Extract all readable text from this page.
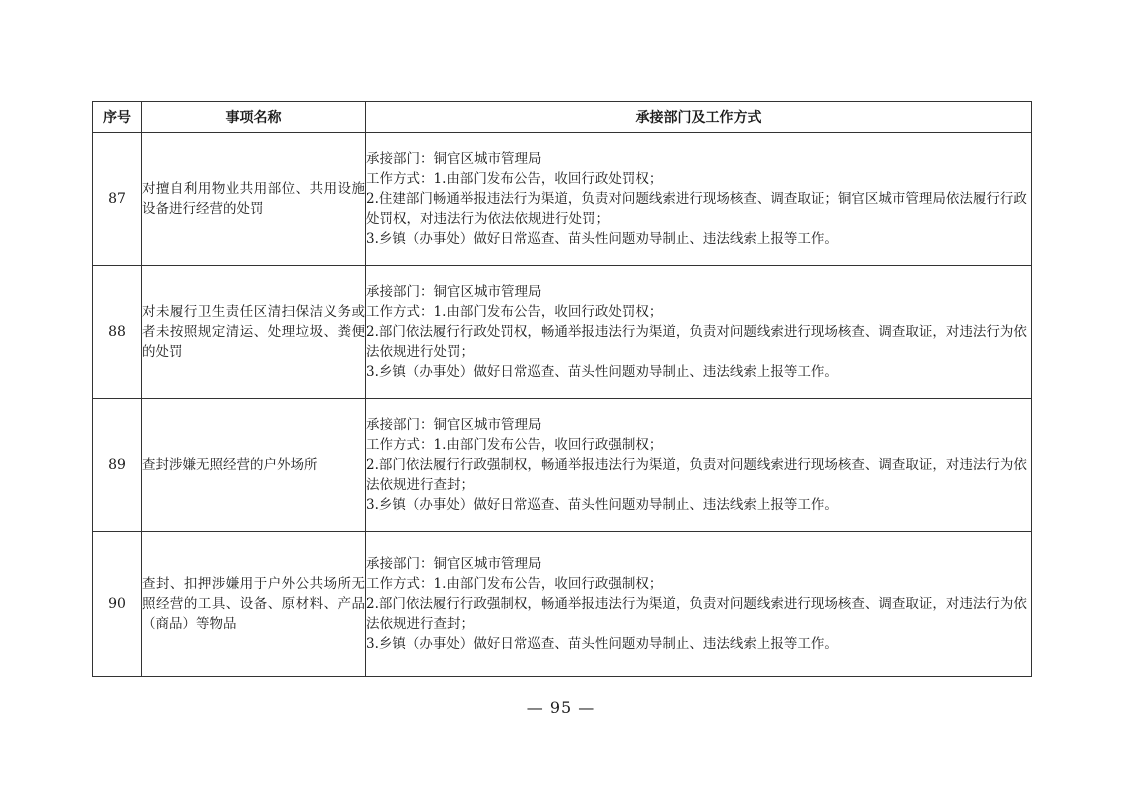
序号	事项名称	承接部门及工作方式
87	对擅自利用物业共用部位、共用设施设备进行经营的处罚	承接部门：铜官区城市管理局
工作方式：1.由部门发布公告，收回行政处罚权；
2.住建部门畅通举报违法行为渠道，负责对问题线索进行现场核查、调查取证；铜官区城市管理局依法履行行政处罚权，对违法行为依法依规进行处罚；
3.乡镇（办事处）做好日常巡查、苗头性问题劝导制止、违法线索上报等工作。

88	对未履行卫生责任区清扫保洁义务或者未按照规定清运、处理垃圾、粪便的处罚	承接部门：铜官区城市管理局
工作方式：1.由部门发布公告，收回行政处罚权；
2.部门依法履行行政处罚权，畅通举报违法行为渠道，负责对问题线索进行现场核查、调查取证，对违法行为依法依规进行处罚；
3.乡镇（办事处）做好日常巡查、苗头性问题劝导制止、违法线索上报等工作。

89	查封涉嫌无照经营的户外场所	承接部门：铜官区城市管理局
工作方式：1.由部门发布公告，收回行政强制权；
2.部门依法履行行政强制权，畅通举报违法行为渠道，负责对问题线索进行现场核查、调查取证，对违法行为依法依规进行查封；
3.乡镇（办事处）做好日常巡查、苗头性问题劝导制止、违法线索上报等工作。

90	查封、扣押涉嫌用于户外公共场所无照经营的工具、设备、原材料、产品（商品）等物品	承接部门：铜官区城市管理局
工作方式：1.由部门发布公告，收回行政强制权；
2.部门依法履行行政强制权，畅通举报违法行为渠道，负责对问题线索进行现场核查、调查取证，对违法行为依法依规进行查封；
3.乡镇（办事处）做好日常巡查、苗头性问题劝导制止、违法线索上报等工作。
— 95 —
